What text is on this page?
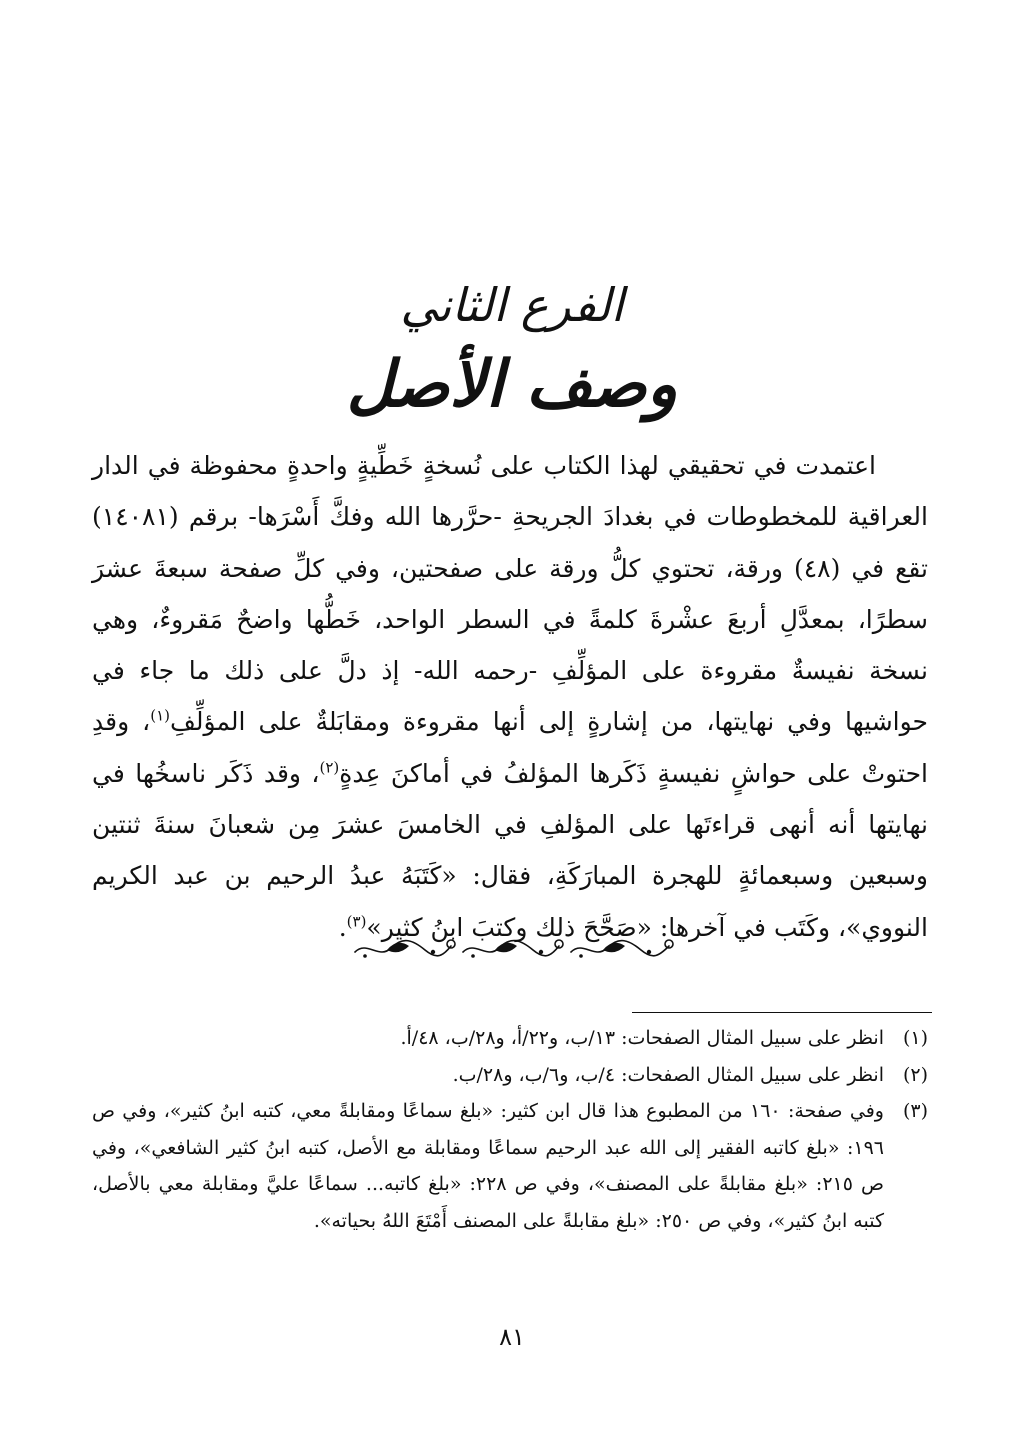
الفرع الثاني
وصف الأصل

اعتمدت في تحقيقي لهذا الكتاب على نُسخةٍ خَطِّيةٍ واحدةٍ محفوظة في الدار العراقية للمخطوطات في بغدادَ الجريحةِ -حرَّرها الله وفكَّ أَسْرَها- برقم (١٤٠٨١) تقع في (٤٨) ورقة، تحتوي كلُّ ورقة على صفحتين، وفي كلِّ صفحة سبعةَ عشرَ سطرًا، بمعدَّلِ أربعَ عشْرةَ كلمةً في السطر الواحد، خَطُّها واضحٌ مَقروءٌ، وهي نسخة نفيسةٌ مقروءة على المؤلِّفِ -رحمه الله- إذ دلَّ على ذلك ما جاء في حواشيها وفي نهايتها، من إشارةٍ إلى أنها مقروءة ومقابَلةٌ على المؤلِّفِ$^{(١)}$، وقدِ احتوتْ على حواشٍ نفيسةٍ ذَكَرها المؤلفُ في أماكنَ عِدةٍ$^{(٢)}$، وقد ذَكَر ناسخُها في نهايتها أنه أنهى قراءتَها على المؤلفِ في الخامسَ عشرَ مِن شعبانَ سنةَ ثنتين وسبعين وسبعمائةٍ للهجرة المبارَكَةِ، فقال: «كَتَبَهُ عبدُ الرحيم بن عبد الكريم النووي»، وكَتَب في آخرها: «صَحَّحَ ذلك وكتبَ ابنُ كثير»$^{(٣)}$.

(١)
انظر على سبيل المثال الصفحات: ١٣/ب، و٢٢/أ، و٢٨/ب، ٤٨/أ.
(٢)
انظر على سبيل المثال الصفحات: ٤/ب، و٦/ب، و٢٨/ب.
(٣)
وفي صفحة: ١٦٠ من المطبوع هذا قال ابن كثير: «بلغ سماعًا ومقابلةً معي، كتبه ابنُ كثير»، وفي ص ١٩٦: «بلغ كاتبه الفقير إلى الله عبد الرحيم سماعًا ومقابلة مع الأصل، كتبه ابنُ كثير الشافعي»، وفي ص ٢١٥: «بلغ مقابلةً على المصنف»، وفي ص ٢٢٨: «بلغ كاتبه... سماعًا عليَّ ومقابلة معي بالأصل، كتبه ابنُ كثير»، وفي ص ٢٥٠: «بلغ مقابلةً على المصنف أَمْتَعَ اللهُ بحياته».
٨١
